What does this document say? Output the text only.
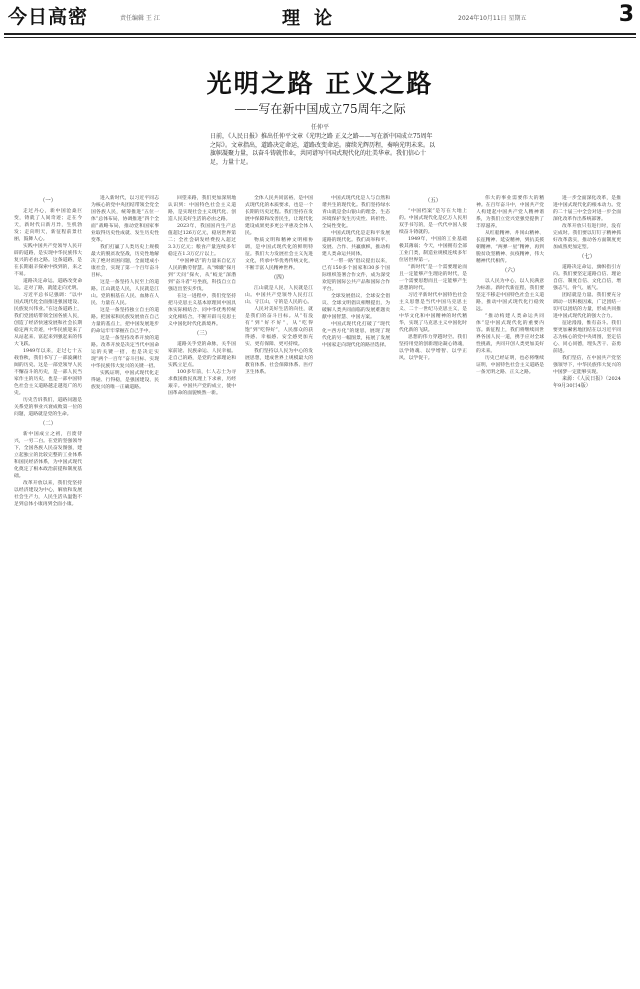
今日高密	责任编辑 王 江	理论	2024年10月11日 星期五	3
光明之路 正义之路
——写在新中国成立75周年之际
任仲平
日前，《人民日报》推出任仲平文章《光明之路 正义之路——写在新中国成立75周年之际》。文章指出，道路决定命运，道路改变命运。赓续光辉历程，奏响光明未来。以旗帜凝聚力量，以奋斗铸就伟业，共同谱写中国式现代化的壮美华章。我们信心十足，力量十足。
（一）
走过丹心，新中国沧桑巨变，铸就了人间奇迹；走在今天，新时代日新月异，生机勃发；走向明天，新征程前景壮丽，鼓舞人心。
实践中国共产党领导人民开辟的道路，是实现中华民族伟大复兴的必由之路。这条道路，是在长期艰辛探索中找到的，来之不易。
道路决定命运。道路改变命运。走对了路，就能走向光明。
习近平总书记强调：“以中国式现代化全面推进强国建设、民族复兴伟业。”在这条道路上，我们党团结带领全国各族人民，创造了经济快速发展和社会长期稳定两大奇迹，中华民族迎来了从站起来、富起来到强起来的伟大飞跃。
1949年以来，走过七十五载春秋，我们书写了一部波澜壮阔的历史。这是一部党领导人民不懈奋斗的历史，是一部人民当家作主的历史，也是一部中国特色社会主义道路越走越宽广的历史。
历史告诉我们，道路问题是关系党的事业兴衰成败第一位的问题，道路就是党的生命。
（二）
新中国成立之初，百废待兴，一穷二白。在党的坚强领导下，全国各族人民奋发图强，建立起独立的比较完整的工业体系和国民经济体系，为中国式现代化奠定了根本政治前提和制度基础。
改革开放以来，我们党坚持以经济建设为中心，解放和发展社会生产力，人民生活从温饱不足到总体小康再到全面小康。
进入新时代，以习近平同志为核心的党中央团结带领全党全国各族人民，统筹推进“五位一体”总体布局，协调推进“四个全面”战略布局，推动党和国家事业取得历史性成就、发生历史性变革。
我们打赢了人类历史上规模最大的脱贫攻坚战，历史性地解决了绝对贫困问题，全面建成小康社会，实现了第一个百年奋斗目标。
这是一条坚持人民至上的道路。江山就是人民，人民就是江山。党的根基在人民、血脉在人民、力量在人民。
这是一条坚持独立自主的道路。把国家和民族发展放在自己力量的基点上，把中国发展进步的命运牢牢掌握在自己手中。
这是一条坚持改革开放的道路。改革开放是决定当代中国命运的关键一招，也是决定实现“两个一百年”奋斗目标、实现中华民族伟大复兴的关键一招。
实践证明，中国式现代化走得通、行得稳，是强国建设、民族复兴的唯一正确道路。
回望来路，我们更加深刻地认识到：中国特色社会主义道路，是实现社会主义现代化、创造人民美好生活的必由之路。
2023年，我国国内生产总值超过126万亿元，稳居世界第二；全社会研发经费投入超过3.3万亿元；粮食产量连续多年稳定在1.3万亿斤以上。
“中国神话”的力量来自亿万人民的勤劳智慧。从“嫦娥”探月到“天问”探火，从“蛟龙”深潜到“奋斗者”号坐底，科技自立自强迈出坚实步伐。
在这一进程中，我们党坚持把马克思主义基本原理同中国具体实际相结合、同中华优秀传统文化相结合，不断开辟马克思主义中国化时代化新境界。
（三）
道路关乎党的命脉，关乎国家前途、民族命运、人民幸福。走自己的路，是党的全部理论和实践立足点。
100多年前，仁人志士为寻求救国救民真理上下求索，历经艰辛。中国共产党的成立，使中国革命的面貌焕然一新。
全体人民共同富裕，是中国式现代化的本质要求，也是一个长期的历史过程。我们坚持在发展中保障和改善民生，让现代化建设成果更多更公平惠及全体人民。
物质文明和精神文明相协调，是中国式现代化的鲜明特征。我们大力发展社会主义先进文化，传承中华优秀传统文化，不断丰富人民精神世界。
（四）
江山就是人民，人民就是江山。中国共产党领导人民打江山、守江山，守的是人民的心。
人民对美好生活的向往，就是我们的奋斗目标。从“有没有”到“好不好”，从“吃得饱”到“吃得好”，人民群众的获得感、幸福感、安全感更加充实、更有保障、更可持续。
我们坚持以人民为中心的发展思想，建成世界上规模最大的教育体系、社会保障体系、医疗卫生体系。
中国式现代化是人与自然和谐共生的现代化。我们坚持绿水青山就是金山银山的理念，生态环境保护发生历史性、转折性、全局性变化。
中国式现代化是走和平发展道路的现代化。我们高举和平、发展、合作、共赢旗帜，推动构建人类命运共同体。
“一带一路”倡议提出以来，已有150多个国家和30多个国际组织签署合作文件，成为深受欢迎的国际公共产品和国际合作平台。
全球发展倡议、全球安全倡议、全球文明倡议相继提出，为破解人类共同面临的发展难题贡献中国智慧、中国方案。
中国式现代化打破了“现代化=西方化”的迷思，展现了现代化的另一幅图景，拓展了发展中国家走向现代化的路径选择。
（五）
“中国档案”是写在大地上的。中国式现代化是亿万人民用双手书写的，是一代代中国人接续奋斗铸就的。
1949年，中国的工业基础极其薄弱；今天，中国拥有全部工业门类，制造业规模连续多年位居世界第一。
“新时代”是一个需要理论而且一定能够产生理论的时代，是一个需要思想而且一定能够产生思想的时代。
习近平新时代中国特色社会主义思想是当代中国马克思主义、二十一世纪马克思主义，是中华文化和中国精神的时代精华，实现了马克思主义中国化时代化新的飞跃。
思想的伟力穿越时空。我们坚持用党的创新理论凝心铸魂，以学铸魂、以学增智、以学正风、以学促干。
伟大的事业需要伟大的精神。在百年奋斗中，中国共产党人构建起中国共产党人精神谱系，为我们立党兴党强党提供了丰厚滋养。
从红船精神、井冈山精神、长征精神、延安精神，到抗美援朝精神、“两弹一星”精神，再到脱贫攻坚精神、抗疫精神，伟大精神代代相传。
（六）
以人民为中心，以人民满意为标准。新时代新征程，我们要坚定不移走中国特色社会主义道路，推动中国式现代化行稳致远。
“推动构建人类命运共同体”是中国式现代化的重要内容。新征程上，我们将继续同世界各国人民一道，携手应对全球性挑战，共同开创人类更加美好的未来。
历史已经证明，也必将继续证明，中国特色社会主义道路是一条光明之路、正义之路。
进一步全面深化改革，是推进中国式现代化的根本动力。党的二十届三中全会对进一步全面深化改革作出系统部署。
改革开放只有进行时，没有完成时。我们要以钉钉子精神抓好改革落实，推动各方面制度更加成熟更加定型。
（七）
道路决定命运，旗帜指引方向。我们要坚定道路自信、理论自信、制度自信、文化自信，增强志气、骨气、底气。
团结就是力量。我们要充分调动一切积极因素，广泛团结一切可以团结的力量，形成共同推进中国式现代化的强大合力。
征途漫漫，惟有奋斗。我们要更加紧密地团结在以习近平同志为核心的党中央周围，坚定信心、同心同德，埋头苦干、奋勇前进。
我们坚信，在中国共产党坚强领导下，中华民族伟大复兴的中国梦一定能够实现。
来源：《人民日报》（2024年9月30日4版）
